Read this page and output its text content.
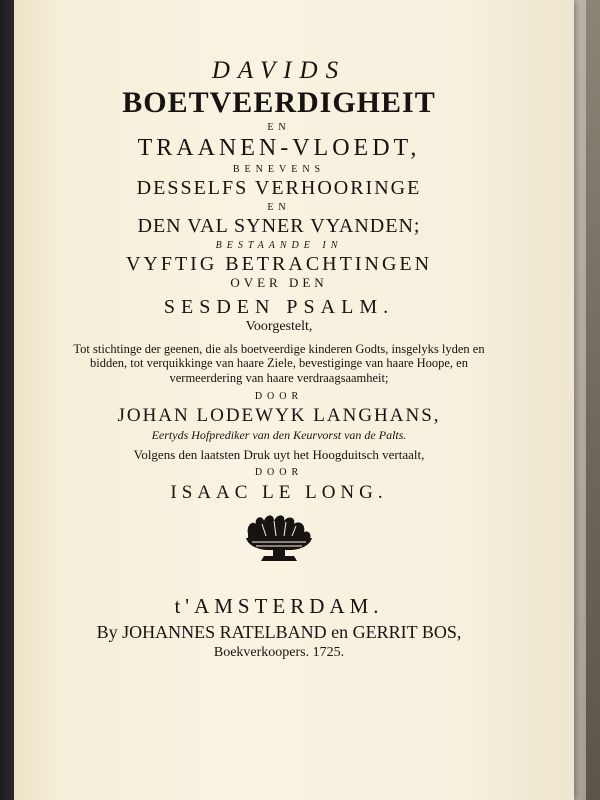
DAVIDS
BOETVEERDIGHEIT
EN
TRAANEN-VLOEDT,
BENEVENS
DESSELFS VERHOORINGE
EN
DEN VAL SYNER VYANDEN;
BESTAANDE IN
VYFTIG BETRACHTINGEN
OVER DEN
SESDEN PSALM.
Voorgestelt,
Tot stichtinge der geenen, die als boetveerdige kinderen Godts, insgelyks lyden en bidden, tot verquikkinge van haare Ziele, bevestiginge van haare Hoope, en vermeerdering van haare verdraagsaamheit;
DOOR
JOHAN LODEWYK LANGHANS,
Eertyds Hofprediker van den Keurvorst van de Palts.
Volgens den laatsten Druk uyt het Hoogduitsch vertaalt,
DOOR
ISAAC LE LONG.
t'AMSTERDAM.
By JOHANNES RATELBAND en GERRIT BOS,
Boekverkoopers. 1725.
